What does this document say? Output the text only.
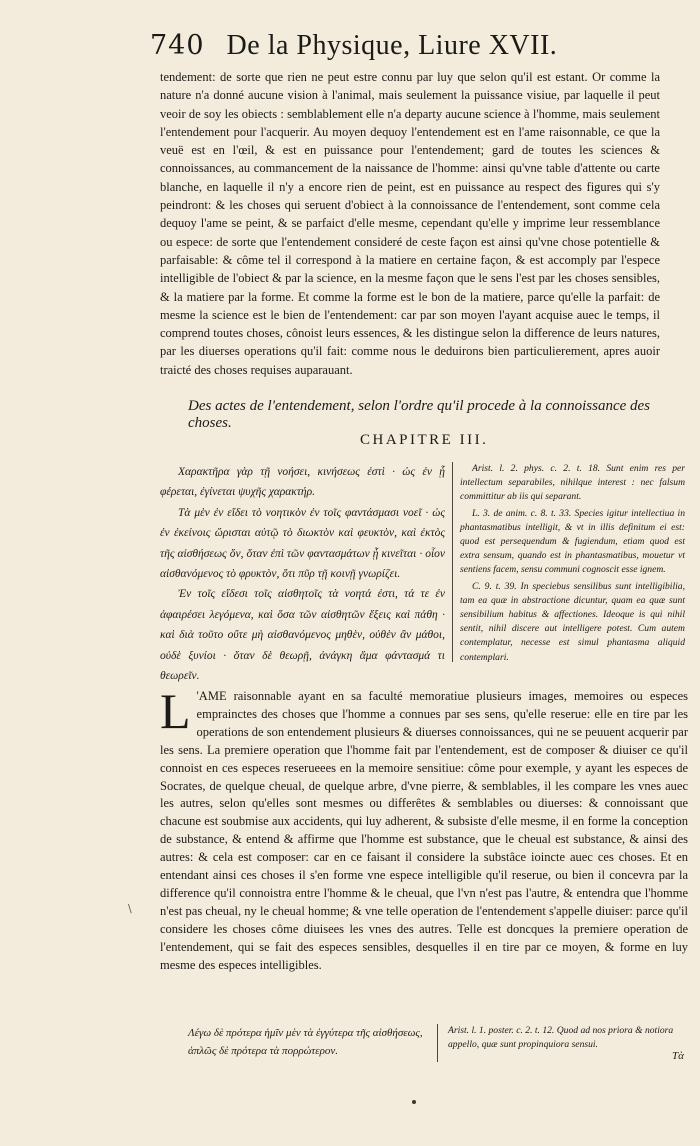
740 De la Physique, Liure XVII.

tendement: de sorte que rien ne peut estre connu par luy que selon qu'il est estant. Or comme la nature n'a donné aucune vision à l'animal, mais seulement la puissance visiue, par laquelle il peut veoir de soy les obiects : semblablement elle n'a departy aucune science à l'homme, mais seulement l'entendement pour l'acquerir. Au moyen dequoy l'entendement est en l'ame raisonnable, ce que la veuë est en l'œil, & est en puissance pour l'entendement; gard de toutes les sciences & connoissances, au commancement de la naissance de l'homme: ainsi qu'vne table d'attente ou carte blanche, en laquelle il n'y a encore rien de peint, est en puissance au respect des figures qui s'y peindront: & les choses qui seruent d'obiect à la connoissance de l'entendement, sont comme cela dequoy l'ame se peint, & se parfaict d'elle mesme, cependant qu'elle y imprime leur ressemblance ou espece: de sorte que l'entendement consideré de ceste façon est ainsi qu'vne chose potentielle & parfaisable: & côme tel il correspond à la matiere en certaine façon, & est accomply par l'espece intelligible de l'obiect & par la science, en la mesme façon que le sens l'est par les choses sensibles, & la matiere par la forme. Et comme la forme est le bon de la matiere, parce qu'elle la parfait: de mesme la science est le bien de l'entendement: car par son moyen l'ayant acquise auec le temps, il comprend toutes choses, cônoist leurs essences, & les distingue selon la difference de leurs natures, par les diuerses operations qu'il fait: comme nous le deduirons bien particulierement, apres auoir traicté des choses requises auparauant.

Des actes de l'entendement, selon l'ordre qu'il procede à la connoissance des choses.
CHAPITRE III.

Χαρακτῆρα γὰρ τῇ νοήσει, κινήσεως ἐστὶ · ὡς ἐν ᾗ φέρεται, ἐγίνεται ψυχῆς χαρακτήρ.

Τὰ μὲν ἐν εἴδει τὸ νοητικὸν ἐν τοῖς φαντάσμασι νοεῖ · ὡς ἐν ἐκείνοις ὥρισται αὐτῷ τὸ διωκτὸν καὶ φευκτὸν, καὶ ἐκτὸς τῆς αἰσθήσεως ὄν, ὅταν ἐπὶ τῶν φαντασμάτων ᾖ κινεῖται · οἷον αἰσθανόμενος τὸ φρυκτὸν, ὅτι πῦρ τῇ κοινῇ γνωρίζει.

Ἐν τοῖς εἴδεσι τοῖς αἰσθητοῖς τὰ νοητά ἐστι, τά τε ἐν ἀφαιρέσει λεγόμενα, καὶ ὅσα τῶν αἰσθητῶν ἕξεις καὶ πάθη · καὶ διὰ τοῦτο οὔτε μὴ αἰσθανόμενος μηθὲν, οὐθὲν ἂν μάθοι, οὐδὲ ξυνίοι · ὅταν δὲ θεωρῇ, ἀνάγκη ἅμα φάντασμά τι θεωρεῖν.

Arist. l. 2. phys. c. 2. t. 18. Sunt enim res per intellectum separabiles, nihilque interest : nec falsum committitur ab iis qui separant.

L. 3. de anim. c. 8. t. 33. Species igitur intellectiua in phantasmatibus intelligit, & vt in illis definitum ei est: quod est persequendum & fugiendum, etiam quod est extra sensum, quando est in phantasmatibus, mouetur vt sentiens facem, sensu communi cognoscit esse ignem.

C. 9. t. 39. In speciebus sensilibus sunt intelligibilia, tam ea quæ in abstractione dicuntur, quam ea quæ sunt sensibilium habitus & affectiones. Ideoque is qui nihil sentit, nihil discere aut intelligere potest. Cum autem contemplatur, necesse est simul phantasma aliquid contemplari.

L 'AME raisonnable ayant en sa faculté memoratiue plusieurs images, memoires ou especes emprainctes des choses que l'homme a connues par ses sens, qu'elle reserue: elle en tire par les operations de son entendement plusieurs & diuerses connoissances, qui ne se peuuent acquerir par les sens. La premiere operation que l'homme fait par l'entendement, est de composer & diuiser ce qu'il connoist en ces especes reserueees en la memoire sensitiue: côme pour exemple, y ayant les especes de Socrates, de quelque cheual, de quelque arbre, d'vne pierre, & semblables, il les compare les vnes auec les autres, selon qu'elles sont mesmes ou differêtes & semblables ou diuerses: & connoissant que chacune est soubmise aux accidents, qui luy adherent, & subsiste d'elle mesme, il en forme la conception de substance, & entend & affirme que l'homme est substance, que le cheual est substance, & ainsi des autres: & cela est composer: car en ce faisant il considere la substâce ioincte auec ces choses. Et en entendant ainsi ces choses il s'en forme vne espece intelligible qu'il reserue, ou bien il concevra par la difference qu'il connoistra entre l'homme & le cheual, que l'vn n'est pas l'autre, & entendra que l'homme n'est pas cheual, ny le cheual homme; & vne telle operation de l'entendement s'appelle diuiser: parce qu'il considere les choses côme diuisees les vnes des autres. Telle est doncques la premiere operation de l'entendement, qui se fait des especes sensibles, desquelles il en tire par ce moyen, & forme en luy mesme des especes intelligibles.

\
Λέγω δὲ πρότερα ἡμῖν μὲν τὰ ἐγγύτερα τῆς αἰσθήσεως, ἁπλῶς δὲ πρότερα τὰ πορρώτερον.
Arist. l. 1. poster. c. 2. t. 12. Quod ad nos priora & notiora appello, quæ sunt propinquiora sensui.
Τὰ
